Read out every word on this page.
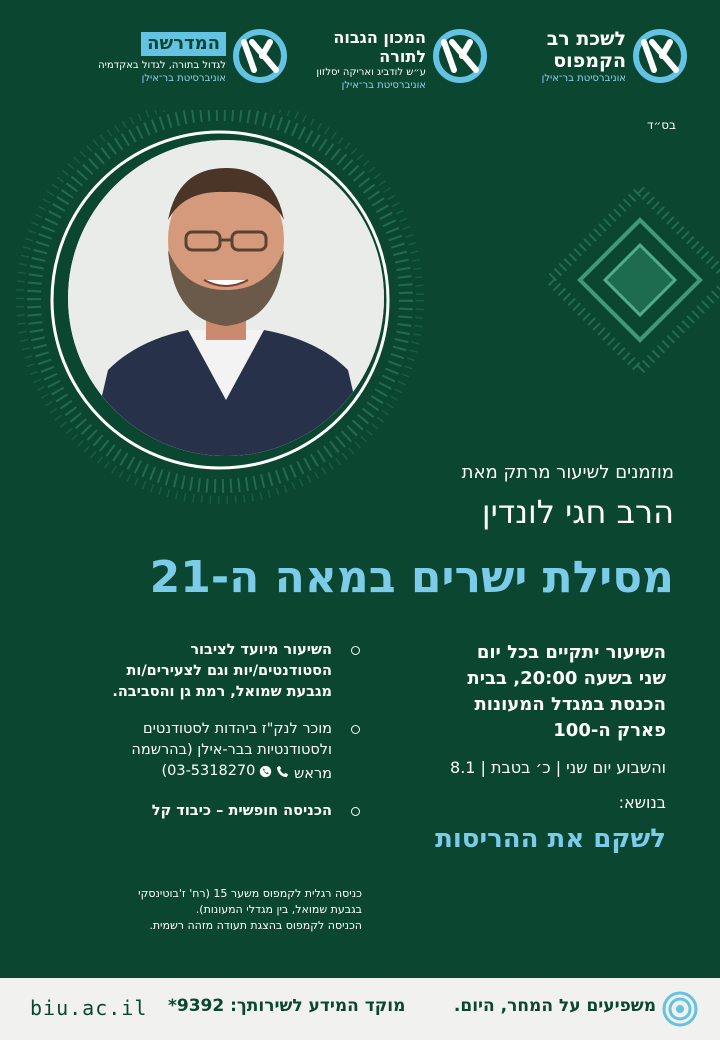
לשכת רב
הקמפוס
אוניברסיטת בר־אילן
המכון הגבוה
לתורה
ע״ש לודביג ואריקה יסלזון
אוניברסיטת בר־אילן
המדרשה
לגדול בתורה, לגדול באקדמיה
אוניברסיטת בר־אילן
בס״ד
מוזמנים לשיעור מרתק מאת
הרב חגי לונדין
מסילת ישרים במאה ה-21
השיעור יתקיים בכל יום
שני בשעה 20:00, בבית
הכנסת במגדל המעונות
פארק ה-100
והשבוע יום שני | כ׳ בטבת | 8.1
בנושא:
לשקם את ההריסות
השיעור מיועד לציבור
הסטודנטים/יות וגם לצעירים/ות
מגבעת שמואל, רמת גן והסביבה.
מוכר לנק"ז ביהדות לסטודנטים
ולסטודנטיות בבר-אילן (בהרשמה
מראש
03-5318270)
הכניסה חופשית – כיבוד קל
כניסה רגלית לקמפוס משער 15 (רח' ז'בוטינסקי
בגבעת שמואל, בין מגדלי המעונות).
הכניסה לקמפוס בהצגת תעודה מזהה רשמית.
biu.ac.il מוקד המידע לשירותך: 9392*	משפיעים על המחר, היום.
